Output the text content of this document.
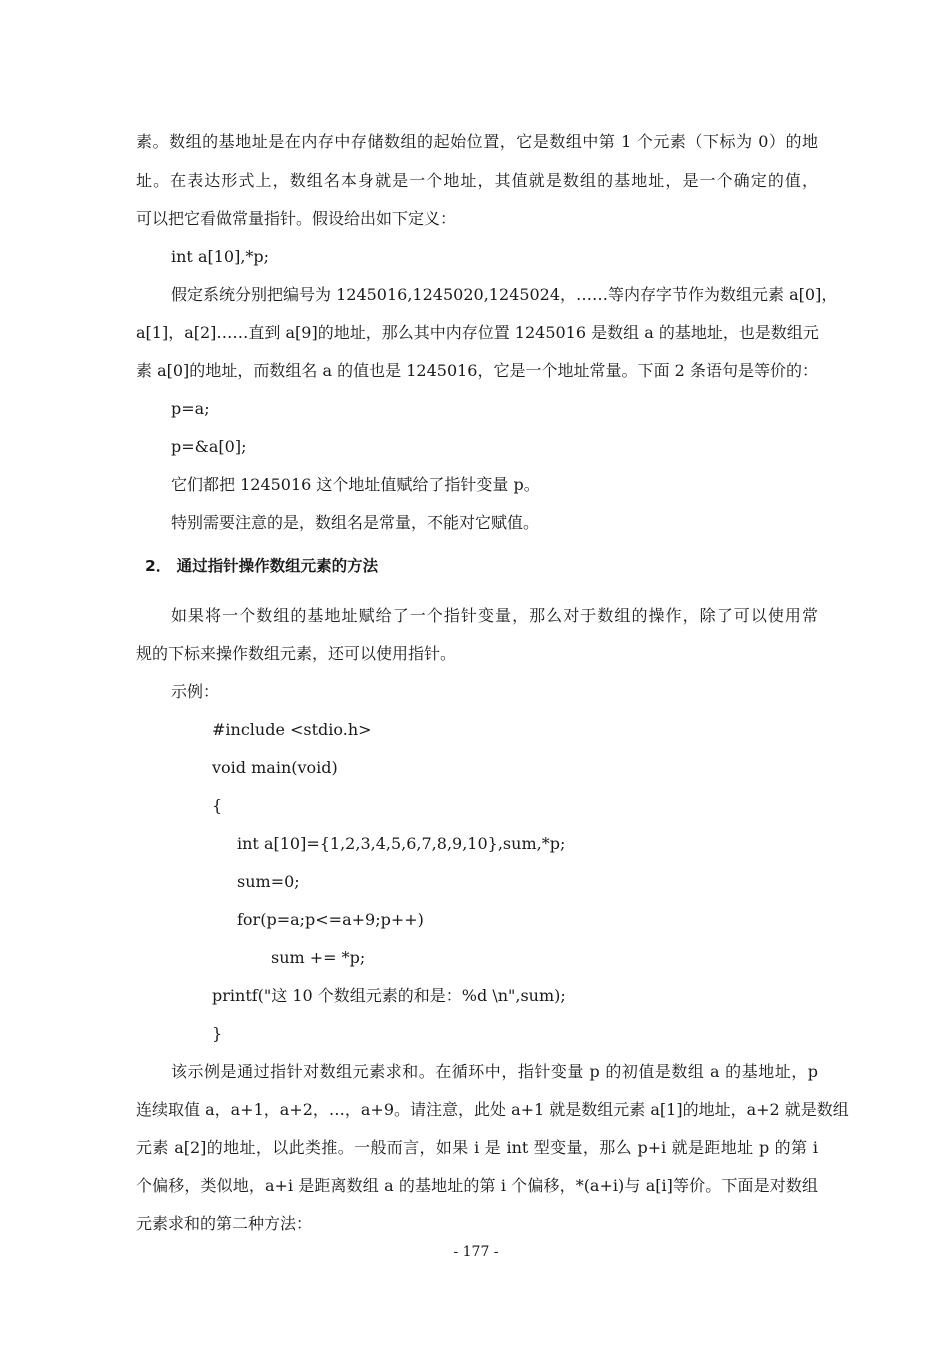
素。数组的基地址是在内存中存储数组的起始位置，它是数组中第 1 个元素（下标为 0）的地
址。在表达形式上，数组名本身就是一个地址，其值就是数组的基地址，是一个确定的值，
可以把它看做常量指针。假设给出如下定义：
int a[10],*p;
假定系统分别把编号为 1245016,1245020,1245024，……等内存字节作为数组元素 a[0]，
a[1]，a[2]……直到 a[9]的地址，那么其中内存位置 1245016 是数组 a 的基地址，也是数组元
素 a[0]的地址，而数组名 a 的值也是 1245016，它是一个地址常量。下面 2 条语句是等价的：
p=a;
p=&a[0];
它们都把 1245016 这个地址值赋给了指针变量 p。
特别需要注意的是，数组名是常量，不能对它赋值。
2． 通过指针操作数组元素的方法
如果将一个数组的基地址赋给了一个指针变量，那么对于数组的操作，除了可以使用常
规的下标来操作数组元素，还可以使用指针。
示例：
#include <stdio.h>
void main(void)
{
int a[10]={1,2,3,4,5,6,7,8,9,10},sum,*p;
sum=0;
for(p=a;p<=a+9;p++)
sum += *p;
printf("这 10 个数组元素的和是：%d \n",sum);
}
该示例是通过指针对数组元素求和。在循环中，指针变量 p 的初值是数组 a 的基地址，p
连续取值 a，a+1，a+2，…，a+9。请注意，此处 a+1 就是数组元素 a[1]的地址，a+2 就是数组
元素 a[2]的地址，以此类推。一般而言，如果 i 是 int 型变量，那么 p+i 就是距地址 p 的第 i
个偏移，类似地，a+i 是距离数组 a 的基地址的第 i 个偏移，*(a+i)与 a[i]等价。下面是对数组
元素求和的第二种方法：
- 177 -
